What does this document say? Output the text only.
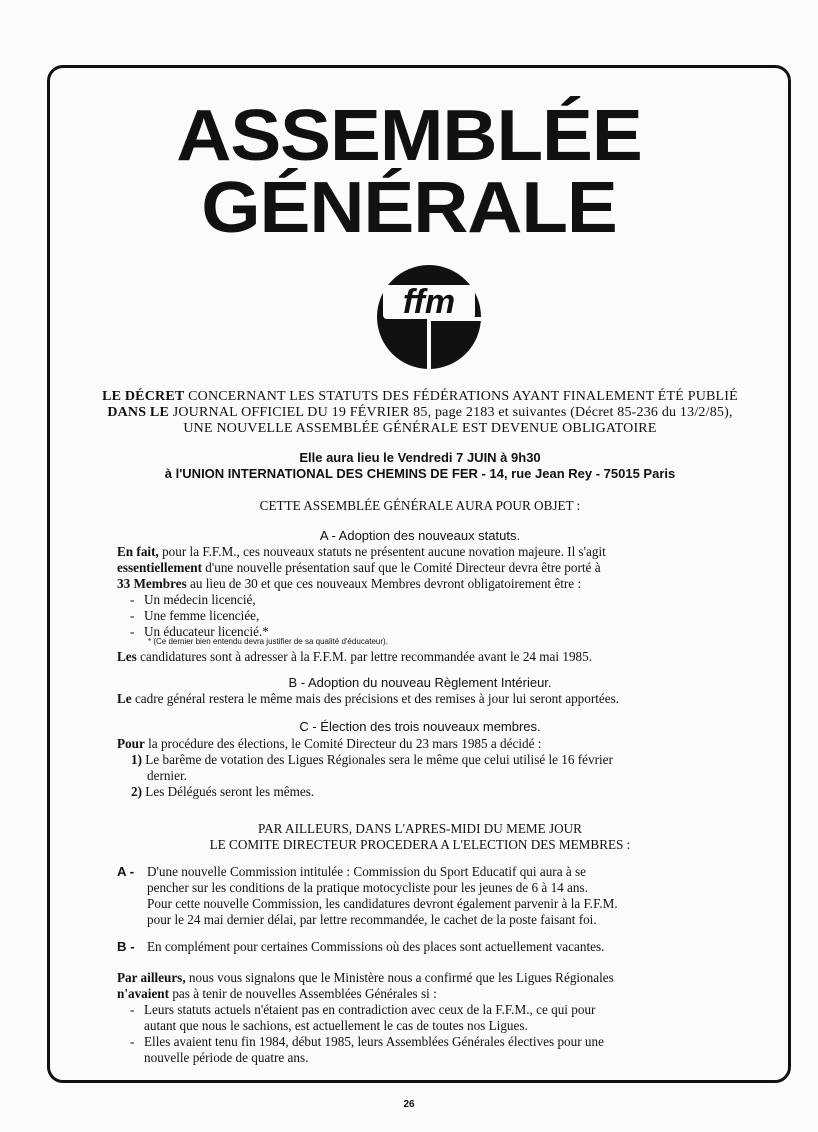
ASSEMBLÉE
GÉNÉRALE
ffm
LE DÉCRET CONCERNANT LES STATUTS DES FÉDÉRATIONS AYANT FINALEMENT ÉTÉ PUBLIÉ
DANS LE JOURNAL OFFICIEL DU 19 FÉVRIER 85, page 2183 et suivantes (Décret 85-236 du 13/2/85),
UNE NOUVELLE ASSEMBLÉE GÉNÉRALE EST DEVENUE OBLIGATOIRE
Elle aura lieu le Vendredi 7 JUIN à 9h30
à l'UNION INTERNATIONAL DES CHEMINS DE FER - 14, rue Jean Rey - 75015 Paris
CETTE ASSEMBLÉE GÉNÉRALE AURA POUR OBJET :
A - Adoption des nouveaux statuts.
En fait, pour la F.F.M., ces nouveaux statuts ne présentent aucune novation majeure. Il s'agit
essentiellement d'une nouvelle présentation sauf que le Comité Directeur devra être porté à
33 Membres au lieu de 30 et que ces nouveaux Membres devront obligatoirement être :
- Un médecin licencié,
- Une femme licenciée,
- Un éducateur licencié.*
* (Ce dernier bien entendu devra justifier de sa qualité d'éducateur).
Les candidatures sont à adresser à la F.F.M. par lettre recommandée avant le 24 mai 1985.
B - Adoption du nouveau Règlement Intérieur.
Le cadre général restera le même mais des précisions et des remises à jour lui seront apportées.
C - Élection des trois nouveaux membres.
Pour la procédure des élections, le Comité Directeur du 23 mars 1985 a décidé :
1) Le barême de votation des Ligues Régionales sera le même que celui utilisé le 16 février
dernier.
2) Les Délégués seront les mêmes.
PAR AILLEURS, DANS L'APRES-MIDI DU MEME JOUR
LE COMITE DIRECTEUR PROCEDERA A L'ELECTION DES MEMBRES :
A - D'une nouvelle Commission intitulée : Commission du Sport Educatif qui aura à se
pencher sur les conditions de la pratique motocycliste pour les jeunes de 6 à 14 ans.
Pour cette nouvelle Commission, les candidatures devront également parvenir à la F.F.M.
pour le 24 mai dernier délai, par lettre recommandée, le cachet de la poste faisant foi.
B - En complément pour certaines Commissions où des places sont actuellement vacantes.
Par ailleurs, nous vous signalons que le Ministère nous a confirmé que les Ligues Régionales
n'avaient pas à tenir de nouvelles Assemblées Générales si :
- Leurs statuts actuels n'étaient pas en contradiction avec ceux de la F.F.M., ce qui pour
autant que nous le sachions, est actuellement le cas de toutes nos Ligues.
- Elles avaient tenu fin 1984, début 1985, leurs Assemblées Générales électives pour une
nouvelle période de quatre ans.
26
